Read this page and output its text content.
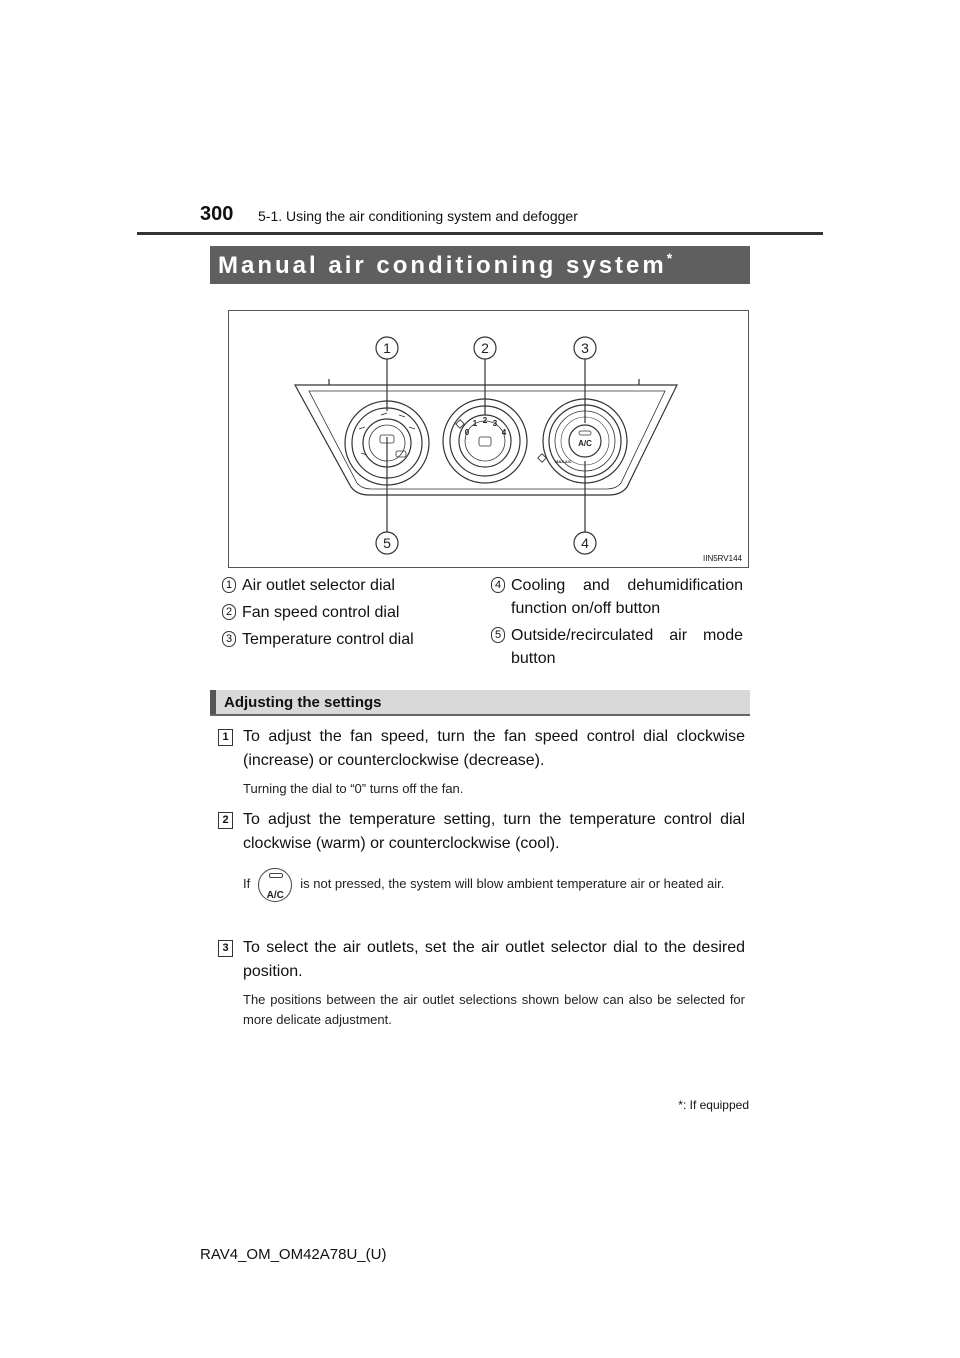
300 5-1. Using the air conditioning system and defogger
Manual air conditioning system*
1	2	3
4
5
0
1 2 3
4
A/C
MAX A/C
IIN5RV144
1 Air outlet selector dial
2 Fan speed control dial
3 Temperature control dial
4 Cooling and dehumidification function on/off button
5 Outside/recirculated air mode button
Adjusting the settings
1 To adjust the fan speed, turn the fan speed control dial clockwise (increase) or counterclockwise (decrease).
Turning the dial to “0” turns off the fan.
2 To adjust the temperature setting, turn the temperature control dial clockwise (warm) or counterclockwise (cool).
If
A/C
is not pressed, the system will blow ambient temperature air or heated air.
3 To select the air outlets, set the air outlet selector dial to the desired position.
The positions between the air outlet selections shown below can also be selected for more delicate adjustment.
*: If equipped
RAV4_OM_OM42A78U_(U)
